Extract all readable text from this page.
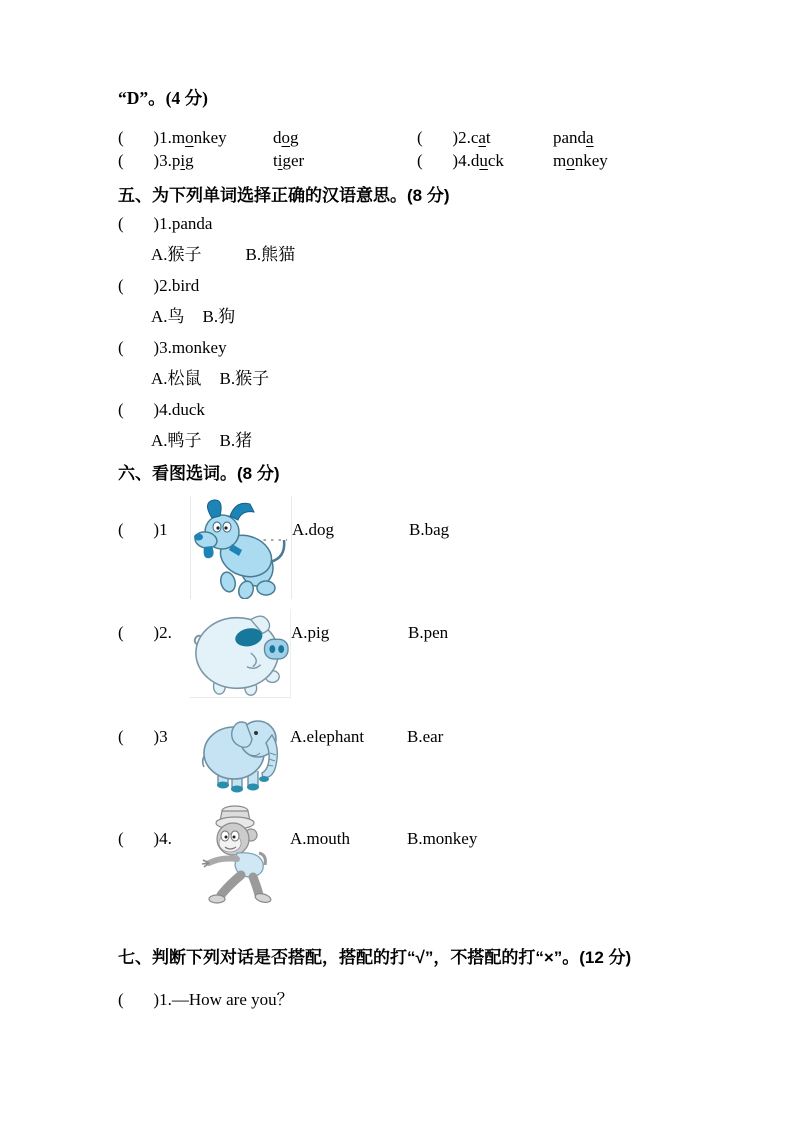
“D”。(4 分)
(       )1.monkey	dog	(       )2.cat	panda
(       )3.pig	tiger	(       )4.duck	monkey
五、为下列单词选择正确的汉语意思。(8 分)
(       )1.panda
A.猴子	B.熊猫
(       )2.bird
A.鸟 B.狗
(       )3.monkey
A.松鼠 B.猴子
(       )4.duck
A.鸭子 B.猪
六、看图选词。(8 分)
(       )1	A.dog	B.bag
(       )2.	A.pig	B.pen
(       )3	A.elephant	B.ear
(       )4.	A.mouth	B.monkey
七、判断下列对话是否搭配，搭配的打“√”，不搭配的打“×”。(12 分)
(       )1.—How are you？
